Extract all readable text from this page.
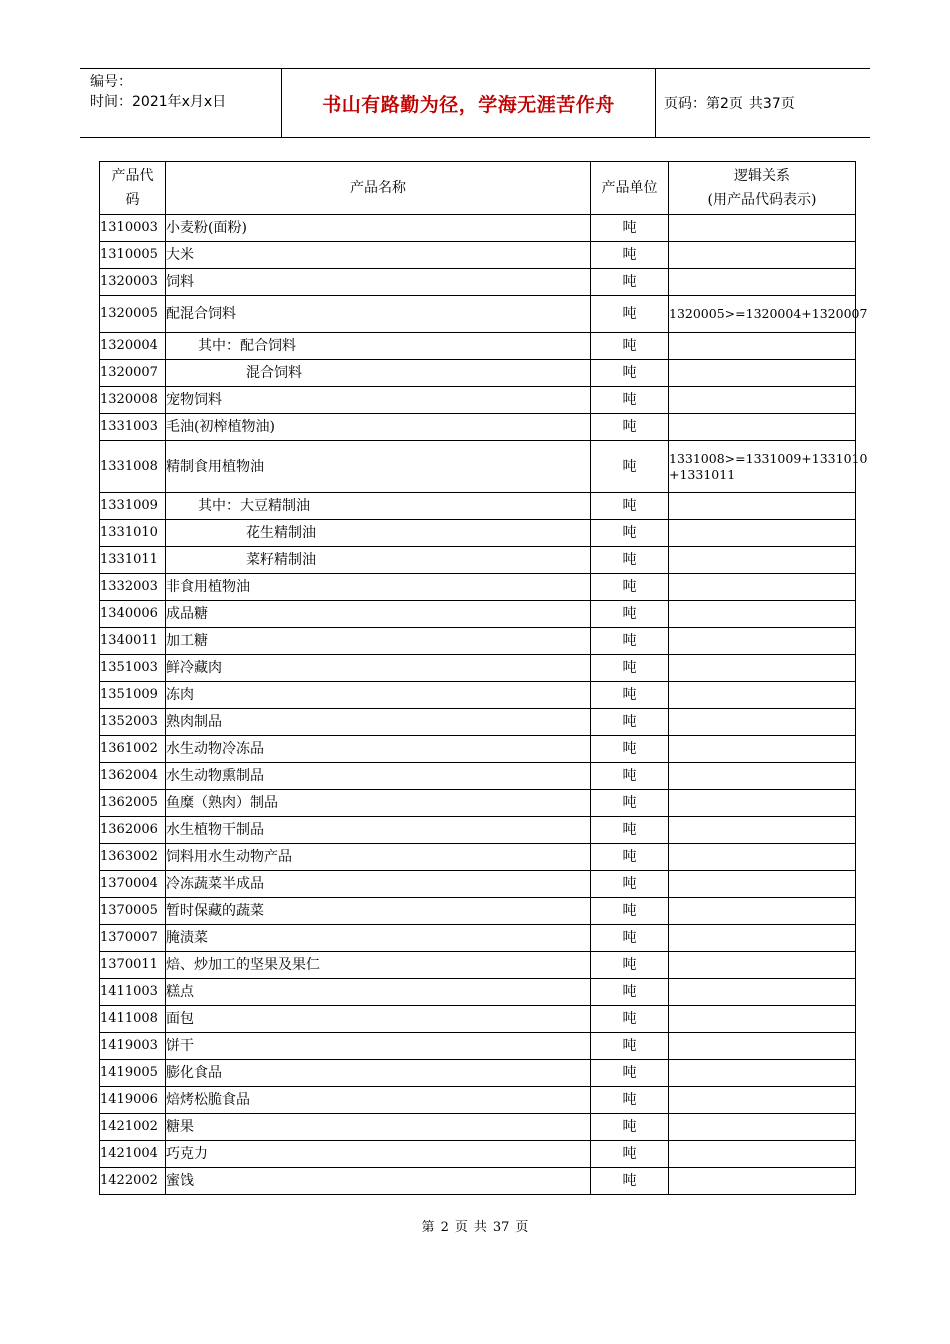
编号：
时间：2021年x月x日	书山有路勤为径，学海无涯苦作舟	页码：第2页 共37页
产品代码	产品名称	产品单位	逻辑关系
(用产品代码表示)

1310003	小麦粉(面粉)	吨	

1310005	大米	吨	

1320003	饲料	吨	

1320005	配混合饲料	吨	1320005>=1320004+1320007

1320004	其中：配合饲料	吨	

1320007	混合饲料	吨	

1320008	宠物饲料	吨	

1331003	毛油(初榨植物油)	吨	

1331008	精制食用植物油	吨	1331008>=1331009+1331010
+1331011

1331009	其中：大豆精制油	吨	

1331010	花生精制油	吨	

1331011	菜籽精制油	吨	

1332003	非食用植物油	吨	

1340006	成品糖	吨	

1340011	加工糖	吨	

1351003	鲜冷藏肉	吨	

1351009	冻肉	吨	

1352003	熟肉制品	吨	

1361002	水生动物冷冻品	吨	

1362004	水生动物熏制品	吨	

1362005	鱼糜（熟肉）制品	吨	

1362006	水生植物干制品	吨	

1363002	饲料用水生动物产品	吨	

1370004	冷冻蔬菜半成品	吨	

1370005	暂时保藏的蔬菜	吨	

1370007	腌渍菜	吨	

1370011	焙、炒加工的坚果及果仁	吨	

1411003	糕点	吨	

1411008	面包	吨	

1419003	饼干	吨	

1419005	膨化食品	吨	

1419006	焙烤松脆食品	吨	

1421002	糖果	吨	

1421004	巧克力	吨	

1422002	蜜饯	吨	
第 2 页 共 37 页
